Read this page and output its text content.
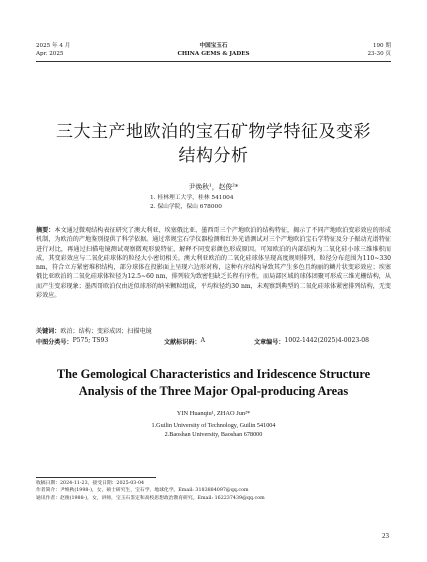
2025 年 4 月
Apr. 2025
中国宝玉石
CHINA GEMS & JADES
190 期
23-30 页
三大主产地欧泊的宝石矿物学特征及变彩
结构分析
尹焕秋¹，赵俊²*
1. 桂林理工大学，桂林 541004
2. 保山学院，保山 678000
摘要：本文通过微观结构表征研究了澳大利亚、埃塞俄比亚、墨西哥三个产地欧泊的结构特征，揭示了不同产地欧泊变彩效应的形成机制，为欧泊的产地鉴别提供了科学依据。通过常规宝石学仪器检测和红外光谱测试对三个产地欧泊宝石学特征及分子振动光谱特征进行对比，再通过扫描电镜测试观察微观形貌特征，解释不同变彩颜色形成原因。可知欧泊的内部结构为二氧化硅小球三维堆积而成，其变彩效应与二氧化硅球体的粒径大小密切相关。澳大利亚欧泊的二氧化硅球体呈现高度规则排列，粒径分布范围为110~330 nm，符合立方紧密堆积结构，部分球体在投影面上呈现六边形对称，这种有序结构导致其产生多色且绚丽的鳞片状变彩效应；埃塞俄比亚欧泊的二氧化硅球体粒径为12.5~60 nm，排列较为致密但缺乏长程有序性，而局部区域的球体团聚可形成三维光栅结构，从而产生变彩现象；墨西哥欧泊仅由近似球形的纳米颗粒组成，平均粒径约30 nm，未观察到典型的二氧化硅球体紧密排列结构，无变彩效应。
关键词：欧泊；结构；变彩成因；扫描电镜
中图分类号： P575; TS93	文献标识码： A	文章编号： 1002-1442(2025)4-0023-08
The Gemological Characteristics and Iridescence Structure
Analysis of the Three Major Opal-producing Areas
YIN Huanqiu¹, ZHAO Jun²*
1.Guilin University of Technology, Guilin 541004
2.Baoshan University, Baoshan 678000
收稿日期：2024-11-23，接受日期：2025-03-04
作者简介：尹焕秋(1998-)，女，硕士研究生，宝石学、地球化学。Email: 3183884097@qq.com
通讯作者：赵俊(1988-)，女，讲师，宝玉石鉴定和高校思想政治教育研究。Email: 162237439@qq.com
23
